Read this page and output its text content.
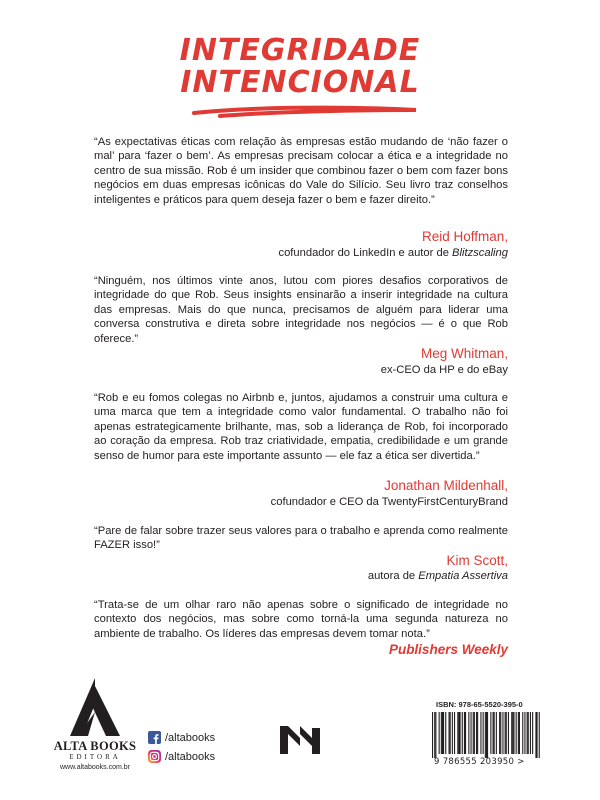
INTEGRIDADE
INTENCIONAL

“As expectativas éticas com relação às empresas estão mudando de ‘não fazer o mal’ para ‘fazer o bem’. As empresas precisam colocar a ética e a integridade no centro de sua missão. Rob é um insider que combinou fazer o bem com fazer bons negócios em duas empresas icônicas do Vale do Silício. Seu livro traz conselhos inteligentes e práticos para quem deseja fazer o bem e fazer direito.”

Reid Hoffman,
cofundador do LinkedIn e autor de Blitzscaling

“Ninguém, nos últimos vinte anos, lutou com piores desafios corporativos de integridade do que Rob. Seus insights ensinarão a inserir integridade na cultura das empresas. Mais do que nunca, precisamos de alguém para liderar uma conversa construtiva e direta sobre integridade nos negócios — é o que Rob oferece.”

Meg Whitman,
ex-CEO da HP e do eBay

“Rob e eu fomos colegas no Airbnb e, juntos, ajudamos a construir uma cultura e uma marca que tem a integridade como valor fundamental. O trabalho não foi apenas estrategicamente brilhante, mas, sob a liderança de Rob, foi incorporado ao coração da empresa. Rob traz criatividade, empatia, credibilidade e um grande senso de humor para este importante assunto — ele faz a ética ser divertida.”

Jonathan Mildenhall,
cofundador e CEO da TwentyFirstCenturyBrand

“Pare de falar sobre trazer seus valores para o trabalho e aprenda como realmente FAZER isso!”

Kim Scott,
autora de Empatia Assertiva

“Trata-se de um olhar raro não apenas sobre o significado de integridade no contexto dos negócios, mas sobre como torná-la uma segunda natureza no ambiente de trabalho. Os líderes das empresas devem tomar nota.”

Publishers Weekly
ALTA BOOKS
EDITORA
www.altabooks.com.br
/altabooks
/altabooks
ISBN: 978-65-5520-395-0
9 786555 203950 >
